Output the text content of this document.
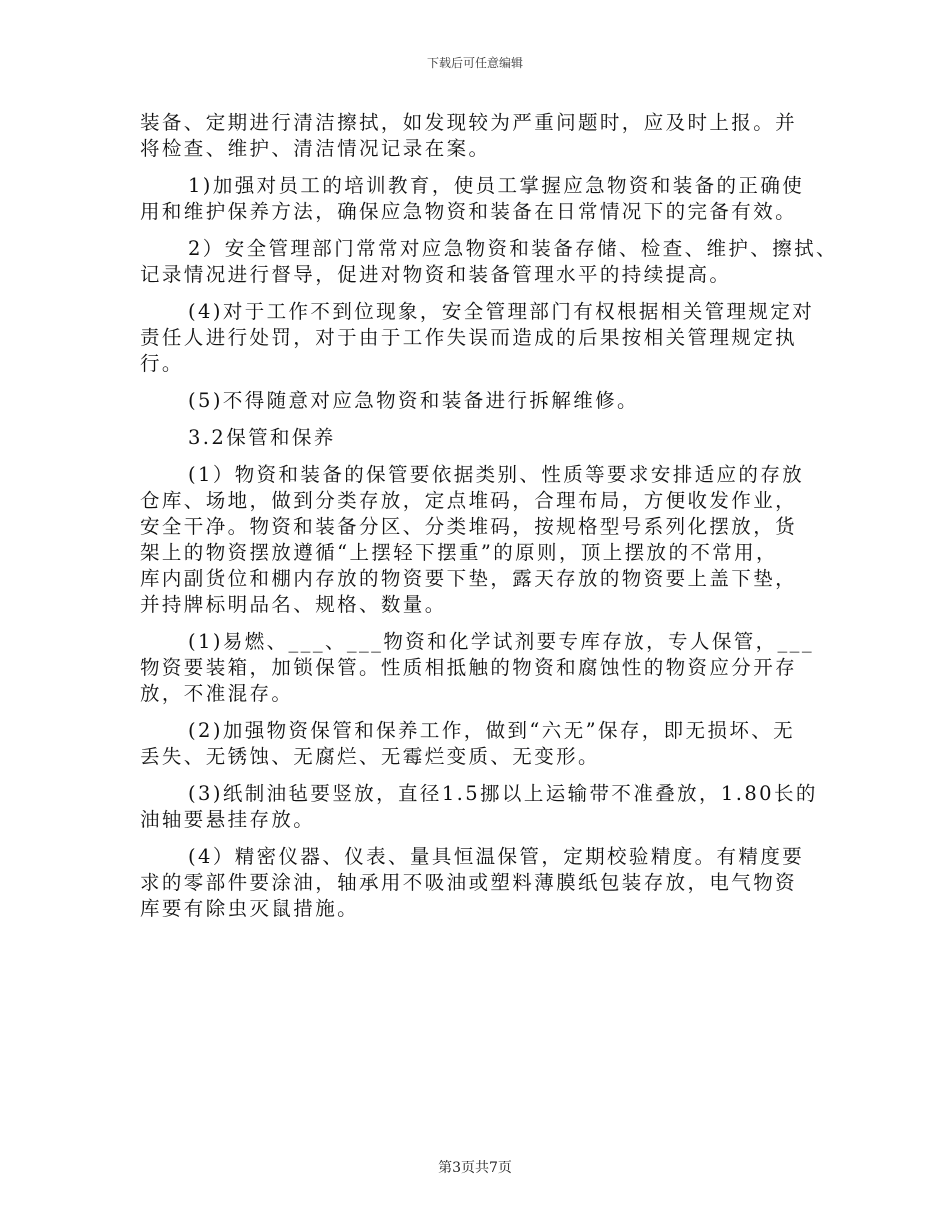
下载后可任意编辑
装备、定期进行清洁擦拭，如发现较为严重问题时，应及时上报。并
将检查、维护、清洁情况记录在案。
1)加强对员工的培训教育，使员工掌握应急物资和装备的正确使
用和维护保养方法，确保应急物资和装备在日常情况下的完备有效。
2）安全管理部门常常对应急物资和装备存储、检查、维护、擦拭、
记录情况进行督导，促进对物资和装备管理水平的持续提高。
(4)对于工作不到位现象，安全管理部门有权根据相关管理规定对
责任人进行处罚，对于由于工作失误而造成的后果按相关管理规定执
行。
(5)不得随意对应急物资和装备进行拆解维修。
3.2保管和保养
(1）物资和装备的保管要依据类别、性质等要求安排适应的存放
仓库、场地，做到分类存放，定点堆码，合理布局，方便收发作业，
安全干净。物资和装备分区、分类堆码，按规格型号系列化摆放，货
架上的物资摆放遵循“上摆轻下摆重”的原则，顶上摆放的不常用，
库内副货位和棚内存放的物资要下垫，露天存放的物资要上盖下垫，
并持牌标明品名、规格、数量。
(1)易燃、___、___物资和化学试剂要专库存放，专人保管，___
物资要装箱，加锁保管。性质相抵触的物资和腐蚀性的物资应分开存
放，不准混存。
(2)加强物资保管和保养工作，做到“六无”保存，即无损坏、无
丢失、无锈蚀、无腐烂、无霉烂变质、无变形。
(3)纸制油毡要竖放，直径1.5挪以上运输带不准叠放，1.80长的
油轴要悬挂存放。
(4）精密仪器、仪表、量具恒温保管，定期校验精度。有精度要
求的零部件要涂油，轴承用不吸油或塑料薄膜纸包装存放，电气物资
库要有除虫灭鼠措施。
第3页共7页
